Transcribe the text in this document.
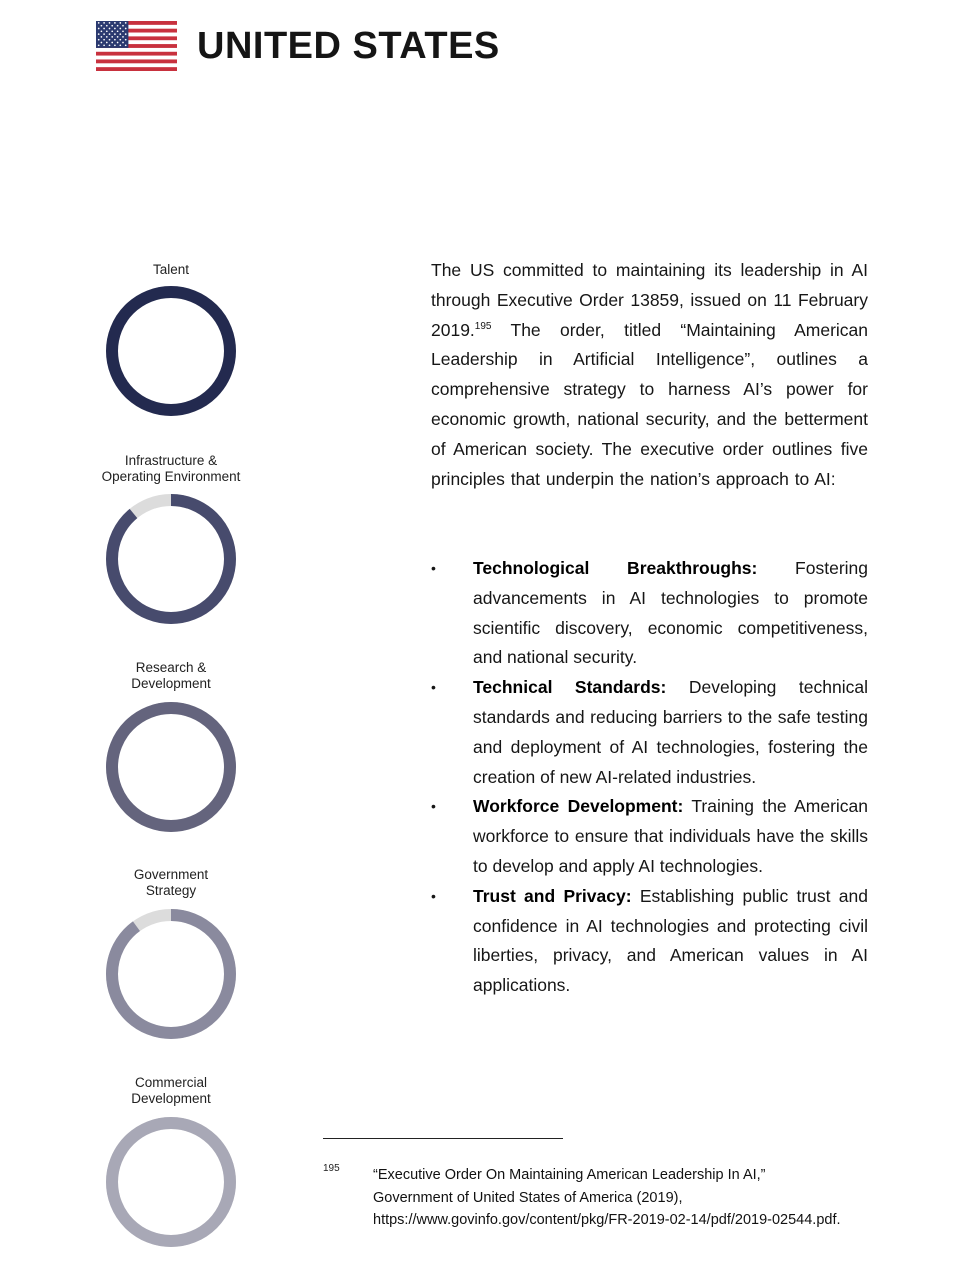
UNITED STATES
Talent
Infrastructure &
Operating Environment
Research &
Development
Government
Strategy
Commercial
Development

The US committed to maintaining its leadership in AI through Executive Order 13859, issued on 11 February 2019.$^{195}$ The order, titled “Maintaining American Leadership in Artificial Intelligence”, outlines a comprehensive strategy to harness AI’s power for economic growth, national security, and the betterment of American society. The executive order outlines five principles that underpin the nation’s approach to AI:

• Technological Breakthroughs: Fostering advancements in AI technologies to promote scientific discovery, economic competitiveness, and national security.
• Technical Standards: Developing technical standards and reducing barriers to the safe testing and deployment of AI technologies, fostering the creation of new AI-related industries.
• Workforce Development: Training the American workforce to ensure that individuals have the skills to develop and apply AI technologies.
• Trust and Privacy: Establishing public trust and confidence in AI technologies and protecting civil liberties, privacy, and American values in AI applications.
195 “Executive Order On Maintaining American Leadership In AI,”
Government of United States of America (2019),
https://www.govinfo.gov/content/pkg/FR-2019-02-14/pdf/2019-02544.pdf.
